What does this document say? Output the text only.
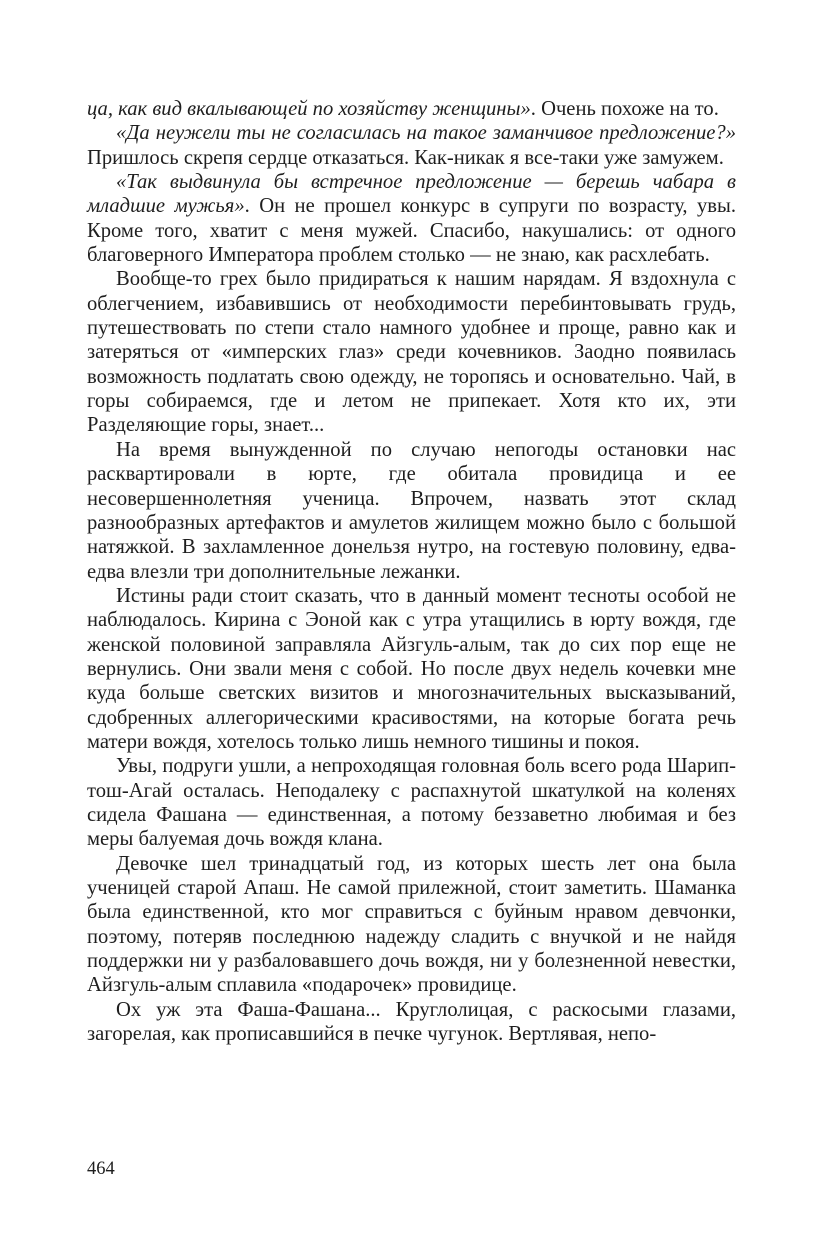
ца, как вид вкалывающей по хозяйству женщины». Очень похоже на то.

«Да неужели ты не согласилась на такое заманчивое предложение?» Пришлось скрепя сердце отказаться. Как-никак я все-таки уже замужем.

«Так выдвинула бы встречное предложение — берешь чабара в младшие мужья». Он не прошел конкурс в супруги по возрасту, увы. Кроме того, хватит с меня мужей. Спасибо, накушались: от одного благоверного Императора проблем столько — не знаю, как расхлебать.

Вообще-то грех было придираться к нашим нарядам. Я вздохнула с облегчением, избавившись от необходимости перебинтовывать грудь, путешествовать по степи стало намного удобнее и проще, равно как и затеряться от «имперских глаз» среди кочевников. Заодно появилась возможность подлатать свою одежду, не торопясь и основательно. Чай, в горы собираемся, где и летом не припекает. Хотя кто их, эти Разделяющие горы, знает...

На время вынужденной по случаю непогоды остановки нас расквартировали в юрте, где обитала провидица и ее несовершеннолетняя ученица. Впрочем, назвать этот склад разнообразных артефактов и амулетов жилищем можно было с большой натяжкой. В захламленное донельзя нутро, на гостевую половину, едва-едва влезли три дополнительные лежанки.

Истины ради стоит сказать, что в данный момент тесноты особой не наблюдалось. Кирина с Эоной как с утра утащились в юрту вождя, где женской половиной заправляла Айзгуль-алым, так до сих пор еще не вернулись. Они звали меня с собой. Но после двух недель кочевки мне куда больше светских визитов и многозначительных высказываний, сдобренных аллегорическими красивостями, на которые богата речь матери вождя, хотелось только лишь немного тишины и покоя.

Увы, подруги ушли, а непроходящая головная боль всего рода Шарип-тош-Агай осталась. Неподалеку с распахнутой шкатулкой на коленях сидела Фашaна — единственная, а потому беззаветно любимая и без меры балуемая дочь вождя клана.

Девочке шел тринадцатый год, из которых шесть лет она была ученицей старой Апаш. Не самой прилежной, стоит заметить. Шаманка была единственной, кто мог справиться с буйным нравом девчонки, поэтому, потеряв последнюю надежду сладить с внучкой и не найдя поддержки ни у разбаловавшего дочь вождя, ни у болезненной невестки, Айзгуль-алым сплавила «подарочек» провидице.

Ох уж эта Фашa-Фашана... Круглолицая, с раскосыми глазами, загорелая, как прописавшийся в печке чугунок. Вертлявая, непо-

464
